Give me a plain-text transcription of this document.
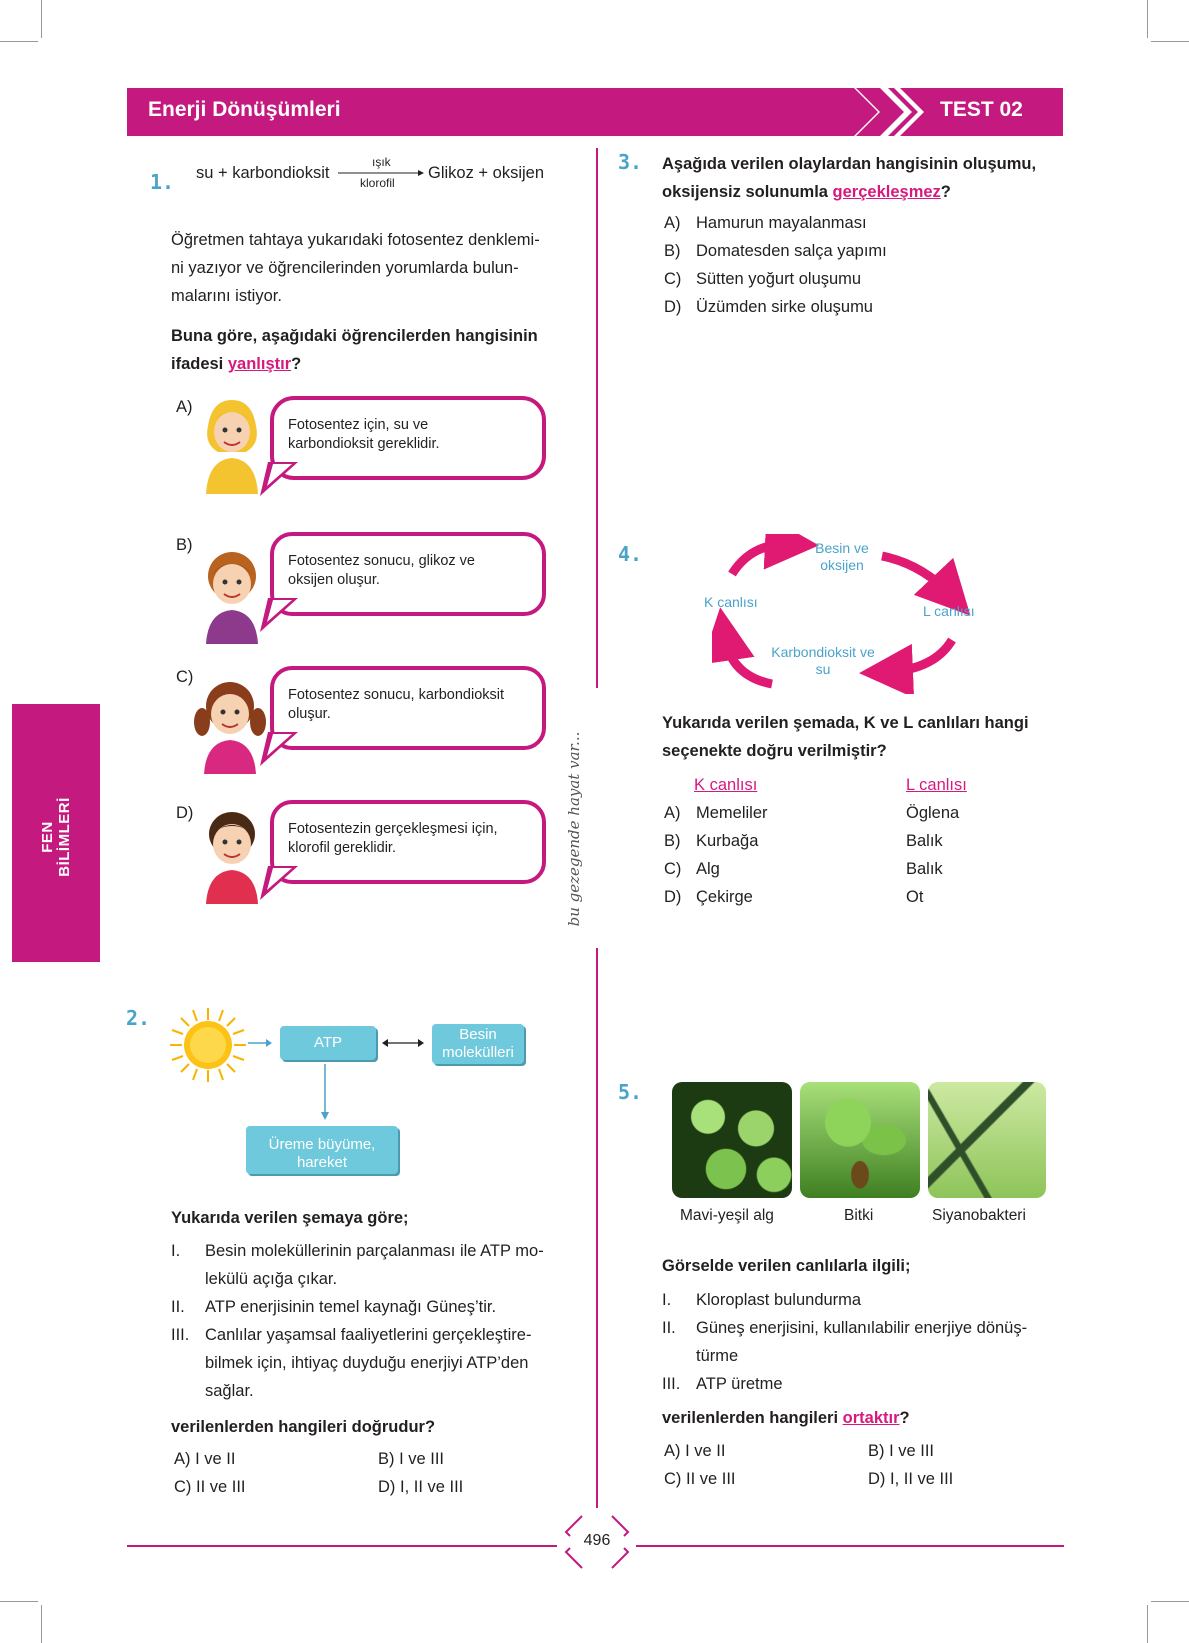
Enerji Dönüşümleri	TEST 02
FEN BİLİMLERİ	bu gezegende hayat var...
1. su + karbondioksit
ışık
klorofil
Glikoz + oksijen
Öğretmen tahtaya yukarıdaki fotosentez denklemi-
ni yazıyor ve öğrencilerinden yorumlarda bulun-
malarını istiyor.
Buna göre, aşağıdaki öğrencilerden hangisinin
ifadesi yanlıştır?
A)
Fotosentez için, su ve
karbondioksit gereklidir.
B)
Fotosentez sonucu, glikoz ve
oksijen oluşur.
C)
Fotosentez sonucu, karbondioksit
oluşur.
D)
Fotosentezin gerçekleşmesi için,
klorofil gereklidir.
2.
ATP	Besin molekülleri
Üreme büyüme, hareket
Yukarıda verilen şemaya göre;
I. Besin moleküllerinin parçalanması ile ATP mo-
lekülü açığa çıkar.
II. ATP enerjisinin temel kaynağı Güneş’tir.
III. Canlılar yaşamsal faaliyetlerini gerçekleştire-
bilmek için, ihtiyaç duyduğu enerjiyi ATP’den
sağlar.
verilenlerden hangileri doğrudur?
A) I ve II	B) I ve III
C) II ve III	D) I, II ve III
3. Aşağıda verilen olaylardan hangisinin oluşumu,
oksijensiz solunumla gerçekleşmez?
A) Hamurun mayalanması
B) Domatesden salça yapımı
C) Sütten yoğurt oluşumu
D) Üzümden sirke oluşumu
4.	Besin ve oksijen
K canlısı
L canlısı
Karbondioksit ve su
Yukarıda verilen şemada, K ve L canlıları hangi
seçenekte doğru verilmiştir?
K canlısı	L canlısı
A) Memeliler	Öglena
B) Kurbağa	Balık
C) Alg	Balık
D) Çekirge	Ot
5.
Mavi-yeşil alg	Bitki	Siyanobakteri
Görselde verilen canlılarla ilgili;
I. Kloroplast bulundurma
II. Güneş enerjisini, kullanılabilir enerjiye dönüş-
türme
III. ATP üretme
verilenlerden hangileri ortaktır?
A) I ve II	B) I ve III
C) II ve III	D) I, II ve III
496
